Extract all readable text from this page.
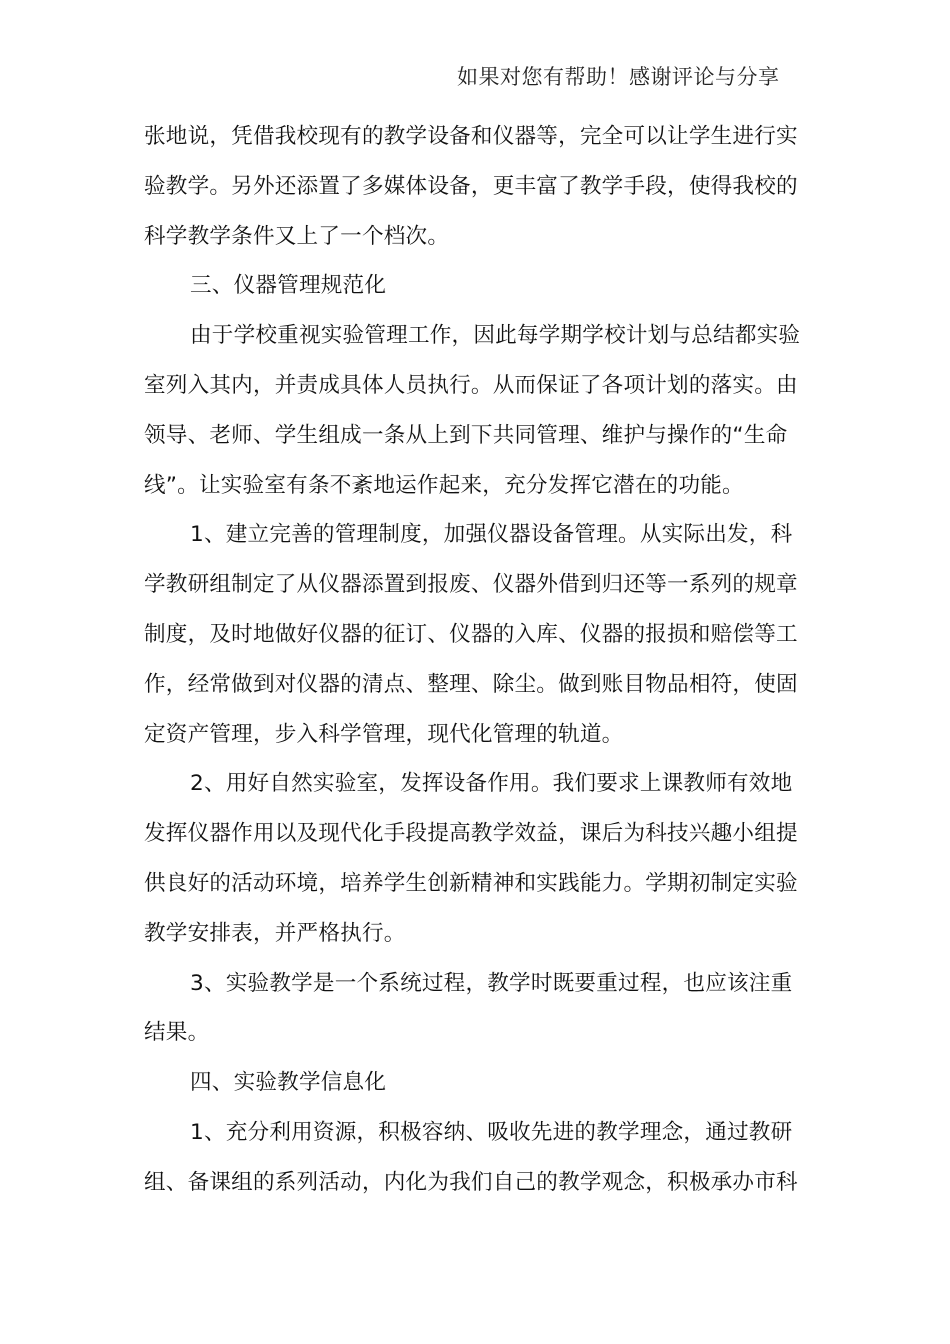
如果对您有帮助！感谢评论与分享
张地说，凭借我校现有的教学设备和仪器等，完全可以让学生进行实
验教学。另外还添置了多媒体设备，更丰富了教学手段，使得我校的
科学教学条件又上了一个档次。
三、仪器管理规范化
由于学校重视实验管理工作，因此每学期学校计划与总结都实验
室列入其内，并责成具体人员执行。从而保证了各项计划的落实。由
领导、老师、学生组成一条从上到下共同管理、维护与操作的“生命
线”。让实验室有条不紊地运作起来，充分发挥它潜在的功能。
1、建立完善的管理制度，加强仪器设备管理。从实际出发，科
学教研组制定了从仪器添置到报废、仪器外借到归还等一系列的规章
制度，及时地做好仪器的征订、仪器的入库、仪器的报损和赔偿等工
作，经常做到对仪器的清点、整理、除尘。做到账目物品相符，使固
定资产管理，步入科学管理，现代化管理的轨道。
2、用好自然实验室，发挥设备作用。我们要求上课教师有效地
发挥仪器作用以及现代化手段提高教学效益，课后为科技兴趣小组提
供良好的活动环境，培养学生创新精神和实践能力。学期初制定实验
教学安排表，并严格执行。
3、实验教学是一个系统过程，教学时既要重过程，也应该注重
结果。
四、实验教学信息化
1、充分利用资源，积极容纳、吸收先进的教学理念，通过教研
组、备课组的系列活动，内化为我们自己的教学观念，积极承办市科
